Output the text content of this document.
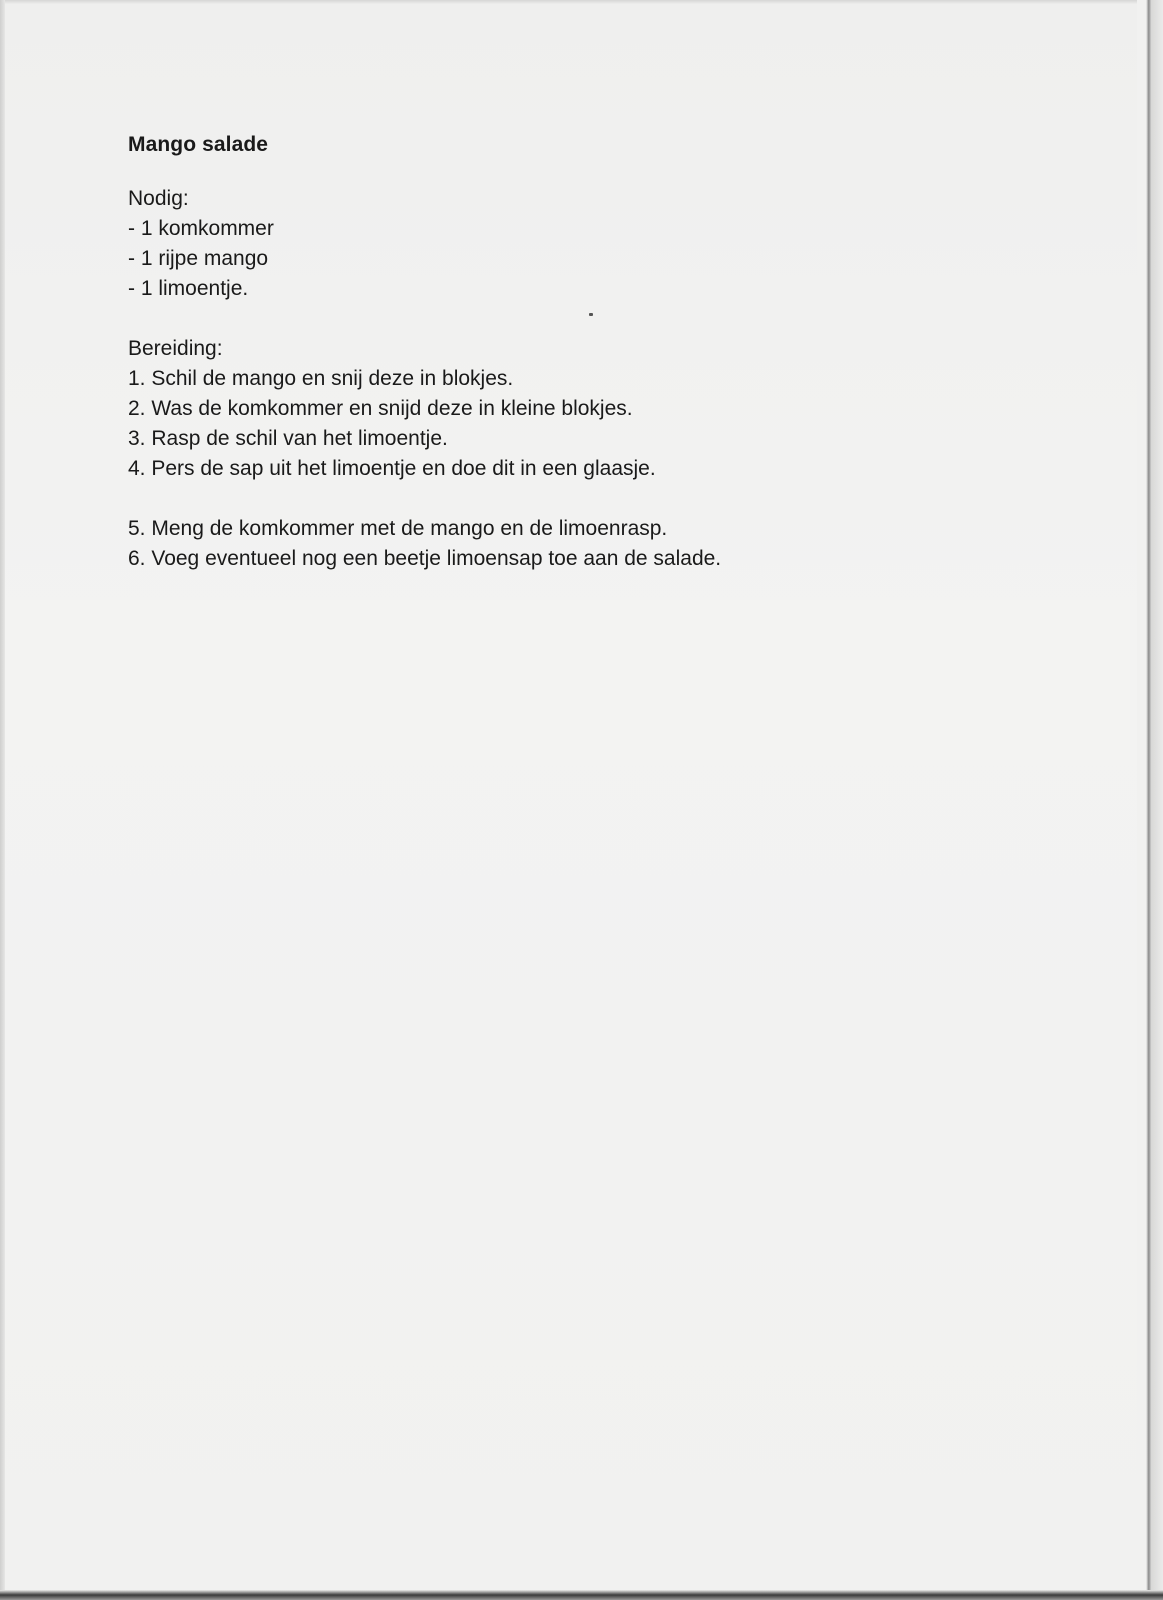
Mango salade

Nodig:

- 1 komkommer

- 1 rijpe mango

- 1 limoentje.

Bereiding:

1. Schil de mango en snij deze in blokjes.

2. Was de komkommer en snijd deze in kleine blokjes.

3. Rasp de schil van het limoentje.

4. Pers de sap uit het limoentje en doe dit in een glaasje.

5. Meng de komkommer met de mango en de limoenrasp.

6. Voeg eventueel nog een beetje limoensap toe aan de salade.
